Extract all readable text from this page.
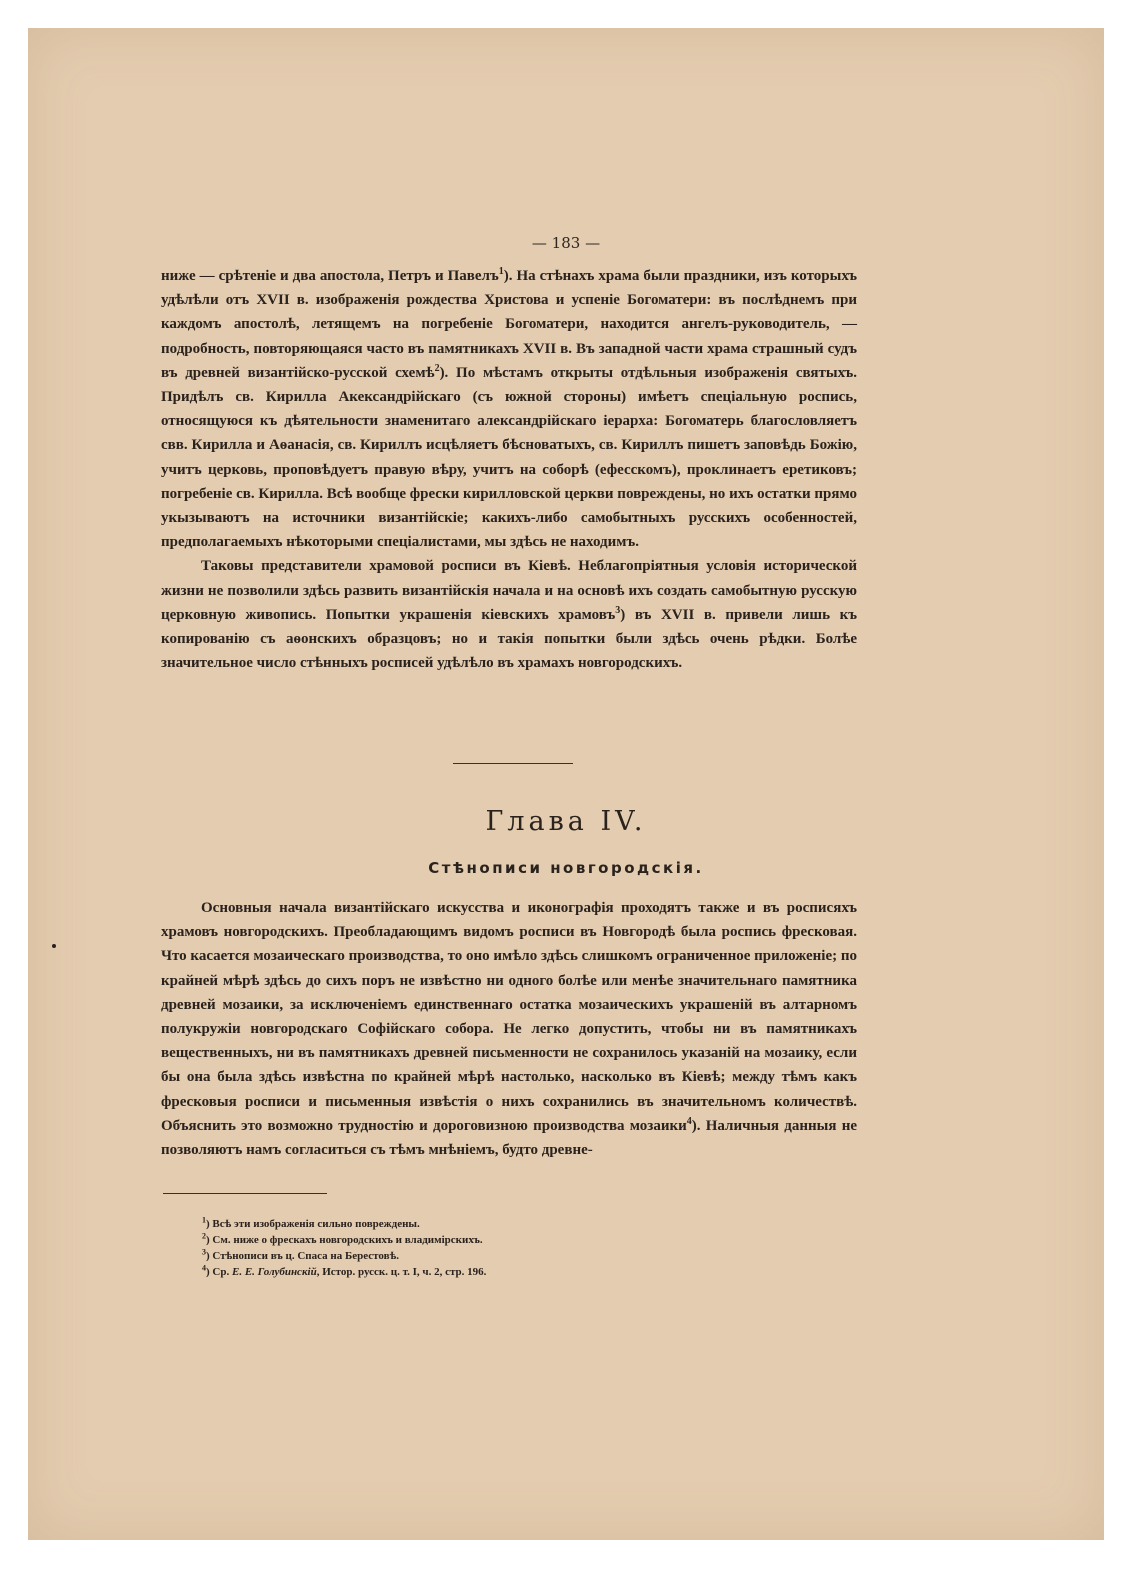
— 183 —

ниже — срѣтеніе и два апостола, Петръ и Павелъ$^1$). На стѣнахъ храма были праздники, изъ которыхъ удѣлѣли отъ XVII в. изображенія рождества Христова и успеніе Богоматери: въ послѣднемъ при каждомъ апостолѣ, летящемъ на погребеніе Богоматери, находится ангелъ-руководитель, — подробность, повторяющаяся часто въ памятникахъ XVII в. Въ западной части храма страшный судъ въ древней византійско-русской схемѣ$^2$). По мѣстамъ открыты отдѣльныя изображенія святыхъ. Придѣлъ св. Кирилла Акександрійскаго (съ южной стороны) имѣетъ спеціальную роспись, относящуюся къ дѣятельности знаменитаго александрійскаго іерарха: Богоматерь благословляетъ свв. Кирилла и Аѳанасія, св. Кириллъ исцѣляетъ бѣсноватыхъ, св. Кириллъ пишетъ заповѣдь Божію, учитъ церковь, проповѣдуетъ правую вѣру, учитъ на соборѣ (ефесскомъ), проклинаетъ еретиковъ; погребеніе св. Кирилла. Всѣ вообще фрески кирилловской церкви повреждены, но ихъ остатки прямо укызываютъ на источники византійскіе; какихъ-либо самобытныхъ русскихъ особенностей, предполагаемыхъ нѣкоторыми спеціалистами, мы здѣсь не находимъ.

Таковы представители храмовой росписи въ Кіевѣ. Неблагопріятныя условія исторической жизни не позволили здѣсь развить византійскія начала и на основѣ ихъ создать самобытную русскую церковную живопись. Попытки украшенія кіевскихъ храмовъ$^3$) въ XVII в. привели лишь къ копированію съ аѳонскихъ образцовъ; но и такія попытки были здѣсь очень рѣдки. Болѣе значительное число стѣнныхъ росписей удѣлѣло въ храмахъ новгородскихъ.

Глава IV.
Стѣнописи новгородскія.

Основныя начала византійскаго искусства и иконографія проходятъ также и въ росписяхъ храмовъ новгородскихъ. Преобладающимъ видомъ росписи въ Новгородѣ была роспись фресковая. Что касается мозаическаго производства, то оно имѣло здѣсь слишкомъ ограниченное приложеніе; по крайней мѣрѣ здѣсь до сихъ поръ не извѣстно ни одного болѣе или менѣе значительнаго памятника древней мозаики, за исключеніемъ единственнаго остатка мозаическихъ украшеній въ алтарномъ полукружіи новгородскаго Софійскаго собора. Не легко допустить, чтобы ни въ памятникахъ вещественныхъ, ни въ памятникахъ древней письменности не сохранилось указаній на мозаику, если бы она была здѣсь извѣстна по крайней мѣрѣ настолько, насколько въ Кіевѣ; между тѣмъ какъ фресковыя росписи и письменныя извѣстія о нихъ сохранились въ значительномъ количествѣ. Объяснить это возможно трудностію и дороговизною производства мозаики$^4$). Наличныя данныя не позволяютъ намъ согласиться съ тѣмъ мнѣніемъ, будто древне-

$^1$) Всѣ эти изображенія сильно повреждены.
$^2$) См. ниже о фрескахъ новгородскихъ и владимірскихъ.
$^3$) Стѣнописи въ ц. Спаса на Берестовѣ.
$^4$) Ср. Е. Е. Голубинскій, Истор. русск. ц. т. I, ч. 2, стр. 196.
